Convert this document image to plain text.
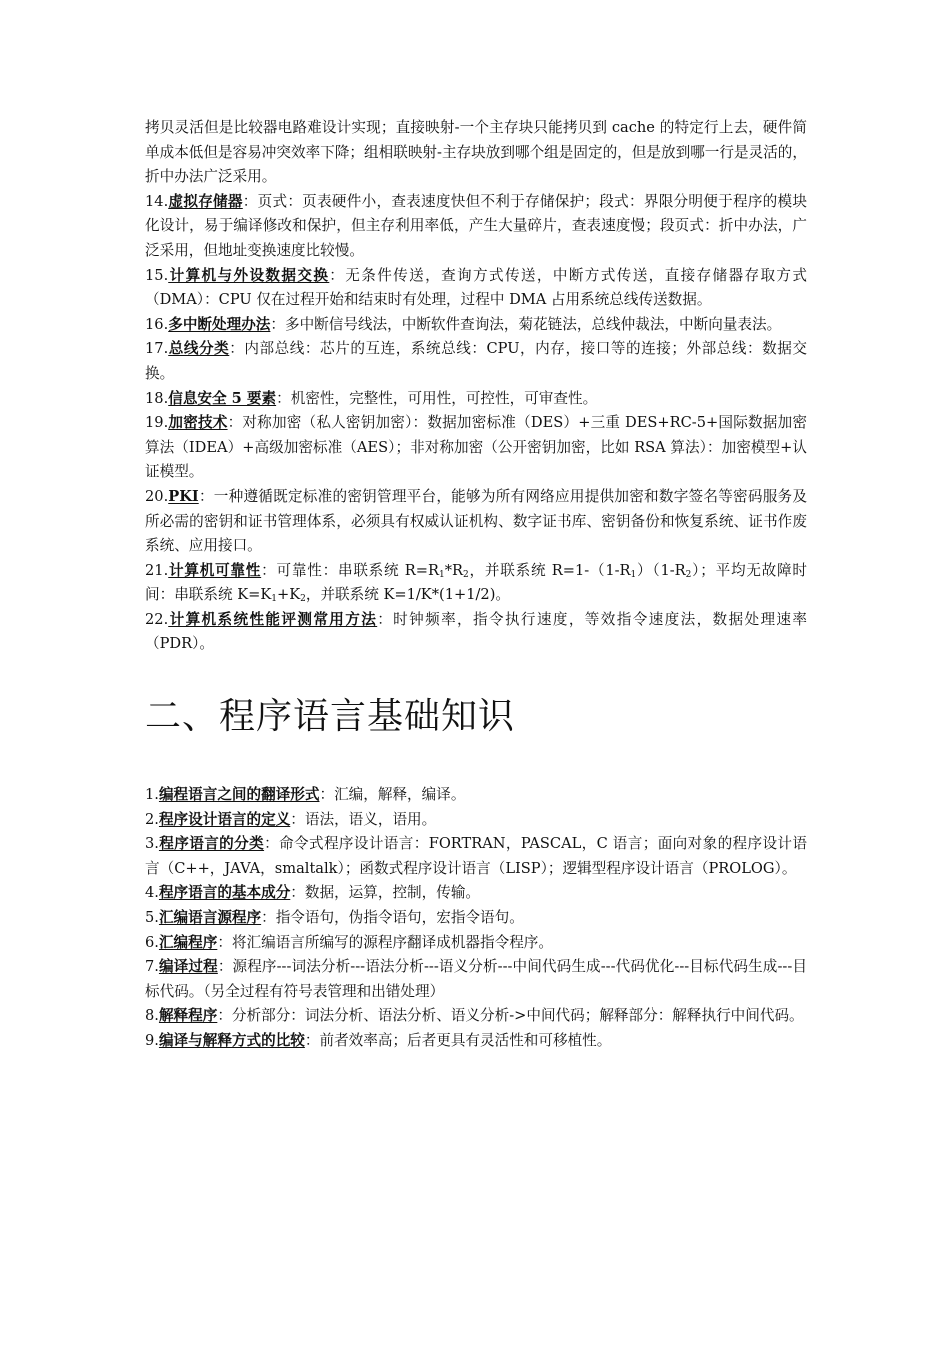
拷贝灵活但是比较器电路难设计实现；直接映射-一个主存块只能拷贝到 cache 的特定行上去，硬件简单成本低但是容易冲突效率下降；组相联映射-主存块放到哪个组是固定的，但是放到哪一行是灵活的，折中办法广泛采用。

14.虚拟存储器：页式：页表硬件小，查表速度快但不利于存储保护；段式：界限分明便于程序的模块化设计，易于编译修改和保护，但主存利用率低，产生大量碎片，查表速度慢；段页式：折中办法，广泛采用，但地址变换速度比较慢。

15.计算机与外设数据交换：无条件传送，查询方式传送，中断方式传送，直接存储器存取方式（DMA）：CPU 仅在过程开始和结束时有处理，过程中 DMA 占用系统总线传送数据。

16.多中断处理办法：多中断信号线法，中断软件查询法，菊花链法，总线仲裁法，中断向量表法。

17.总线分类：内部总线：芯片的互连，系统总线：CPU，内存，接口等的连接；外部总线：数据交换。

18.信息安全 5 要素：机密性，完整性，可用性，可控性，可审查性。

19.加密技术：对称加密（私人密钥加密）：数据加密标准（DES）+三重 DES+RC-5+国际数据加密算法（IDEA）+高级加密标准（AES）；非对称加密（公开密钥加密，比如 RSA 算法）：加密模型+认证模型。

20.PKI：一种遵循既定标准的密钥管理平台，能够为所有网络应用提供加密和数字签名等密码服务及所必需的密钥和证书管理体系，必须具有权威认证机构、数字证书库、密钥备份和恢复系统、证书作废系统、应用接口。

21.计算机可靠性：可靠性：串联系统 $R=R_1*R_2$，并联系统 $R=1-(1-R_1)(1-R_2)$；平均无故障时间：串联系统 $K=K_1+K_2$，并联系统 K=1/K*(1+1/2)。

22.计算机系统性能评测常用方法：时钟频率，指令执行速度，等效指令速度法，数据处理速率（PDR）。

二、程序语言基础知识

1.编程语言之间的翻译形式：汇编，解释，编译。

2.程序设计语言的定义：语法，语义，语用。

3.程序语言的分类：命令式程序设计语言：FORTRAN，PASCAL，C 语言；面向对象的程序设计语言（C++，JAVA，smaltalk）；函数式程序设计语言（LISP）；逻辑型程序设计语言（PROLOG）。

4.程序语言的基本成分：数据，运算，控制，传输。

5.汇编语言源程序：指令语句，伪指令语句，宏指令语句。

6.汇编程序：将汇编语言所编写的源程序翻译成机器指令程序。

7.编译过程：源程序---词法分析---语法分析---语义分析---中间代码生成---代码优化---目标代码生成---目标代码。（另全过程有符号表管理和出错处理）

8.解释程序：分析部分：词法分析、语法分析、语义分析->中间代码；解释部分：解释执行中间代码。

9.编译与解释方式的比较：前者效率高；后者更具有灵活性和可移植性。
